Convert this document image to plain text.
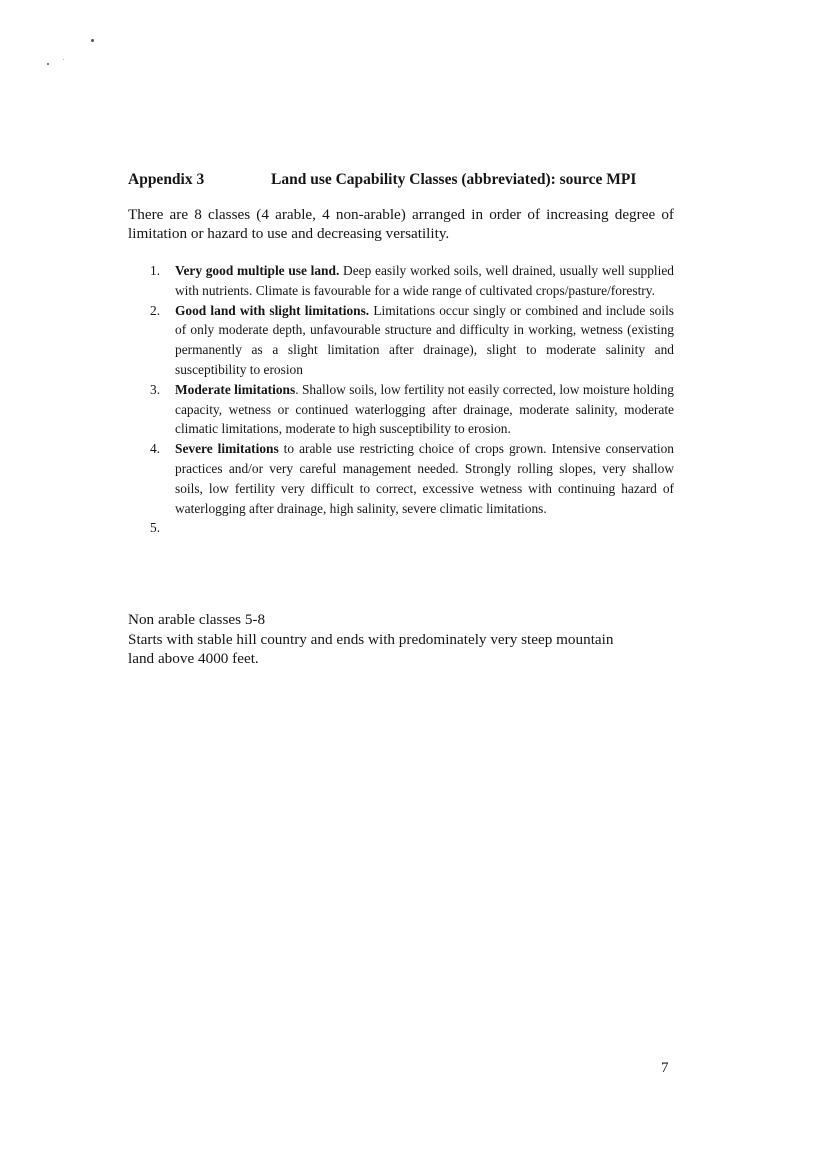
Appendix 3	Land use Capability Classes (abbreviated): source MPI
There are 8 classes (4 arable, 4 non-arable) arranged in order of increasing degree of limitation or hazard to use and decreasing versatility.
1. Very good multiple use land. Deep easily worked soils, well drained, usually well supplied with nutrients. Climate is favourable for a wide range of cultivated crops/pasture/forestry.
2. Good land with slight limitations. Limitations occur singly or combined and include soils of only moderate depth, unfavourable structure and difficulty in working, wetness (existing permanently as a slight limitation after drainage), slight to moderate salinity and susceptibility to erosion
3. Moderate limitations. Shallow soils, low fertility not easily corrected, low moisture holding capacity, wetness or continued waterlogging after drainage, moderate salinity, moderate climatic limitations, moderate to high susceptibility to erosion.
4. Severe limitations to arable use restricting choice of crops grown. Intensive conservation practices and/or very careful management needed. Strongly rolling slopes, very shallow soils, low fertility very difficult to correct, excessive wetness with continuing hazard of waterlogging after drainage, high salinity, severe climatic limitations.
5.
Non arable classes 5-8
Starts with stable hill country and ends with predominately very steep mountain
land above 4000 feet.
7
